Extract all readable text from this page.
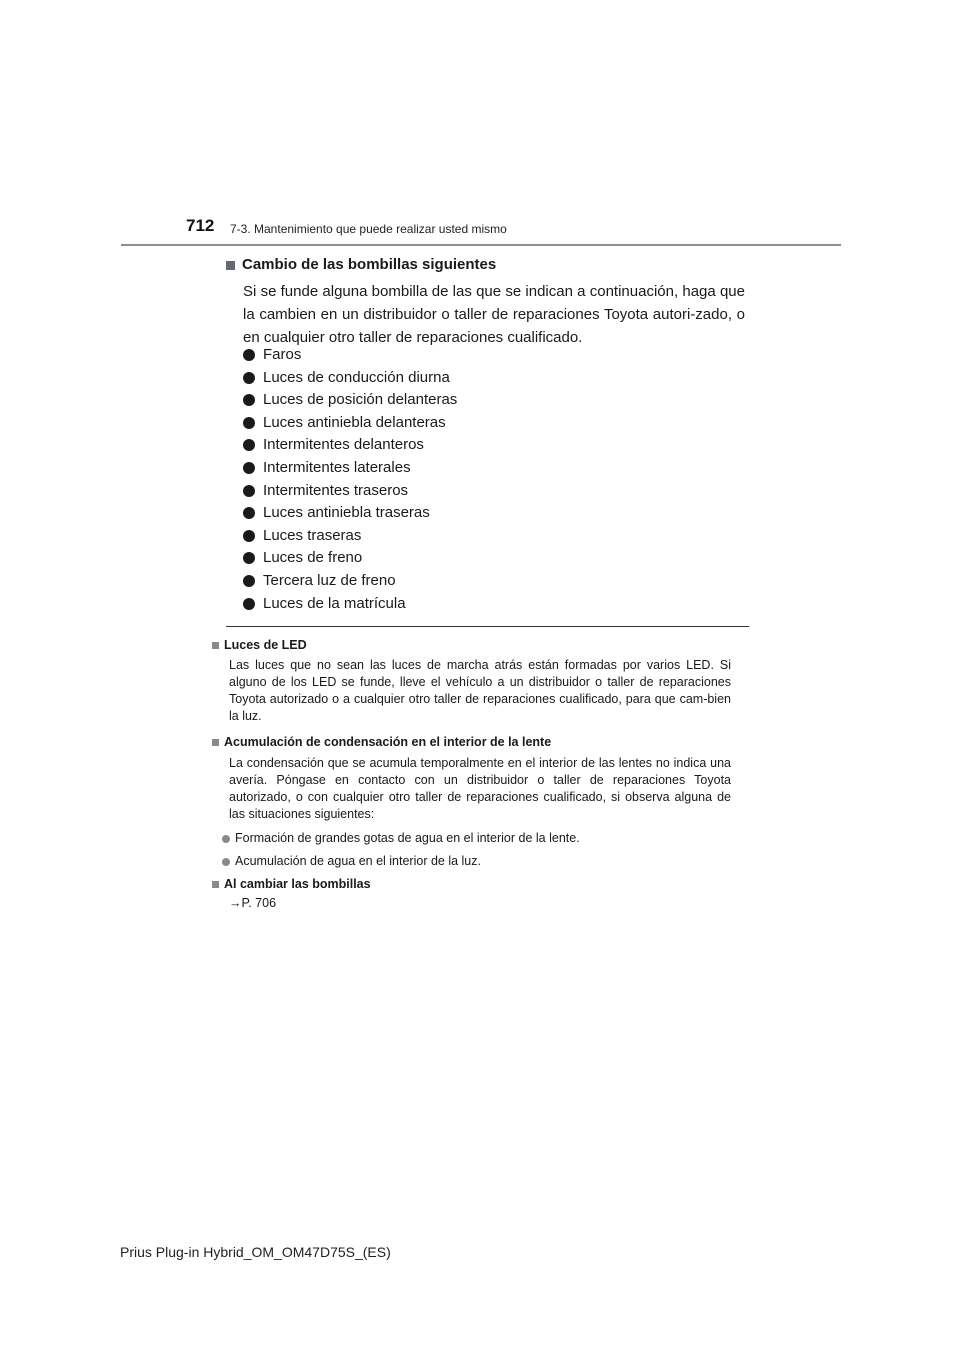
712 7-3. Mantenimiento que puede realizar usted mismo
Cambio de las bombillas siguientes
Si se funde alguna bombilla de las que se indican a continuación, haga que la cambien en un distribuidor o taller de reparaciones Toyota autori-zado, o en cualquier otro taller de reparaciones cualificado.
Faros
Luces de conducción diurna
Luces de posición delanteras
Luces antiniebla delanteras
Intermitentes delanteros
Intermitentes laterales
Intermitentes traseros
Luces antiniebla traseras
Luces traseras
Luces de freno
Tercera luz de freno
Luces de la matrícula
Luces de LED
Las luces que no sean las luces de marcha atrás están formadas por varios LED. Si alguno de los LED se funde, lleve el vehículo a un distribuidor o taller de reparaciones Toyota autorizado o a cualquier otro taller de reparaciones cualificado, para que cam-bien la luz.
Acumulación de condensación en el interior de la lente
La condensación que se acumula temporalmente en el interior de las lentes no indica una avería. Póngase en contacto con un distribuidor o taller de reparaciones Toyota autorizado, o con cualquier otro taller de reparaciones cualificado, si observa alguna de las situaciones siguientes:
Formación de grandes gotas de agua en el interior de la lente.
Acumulación de agua en el interior de la luz.
Al cambiar las bombillas
→P. 706
Prius Plug-in Hybrid_OM_OM47D75S_(ES)
